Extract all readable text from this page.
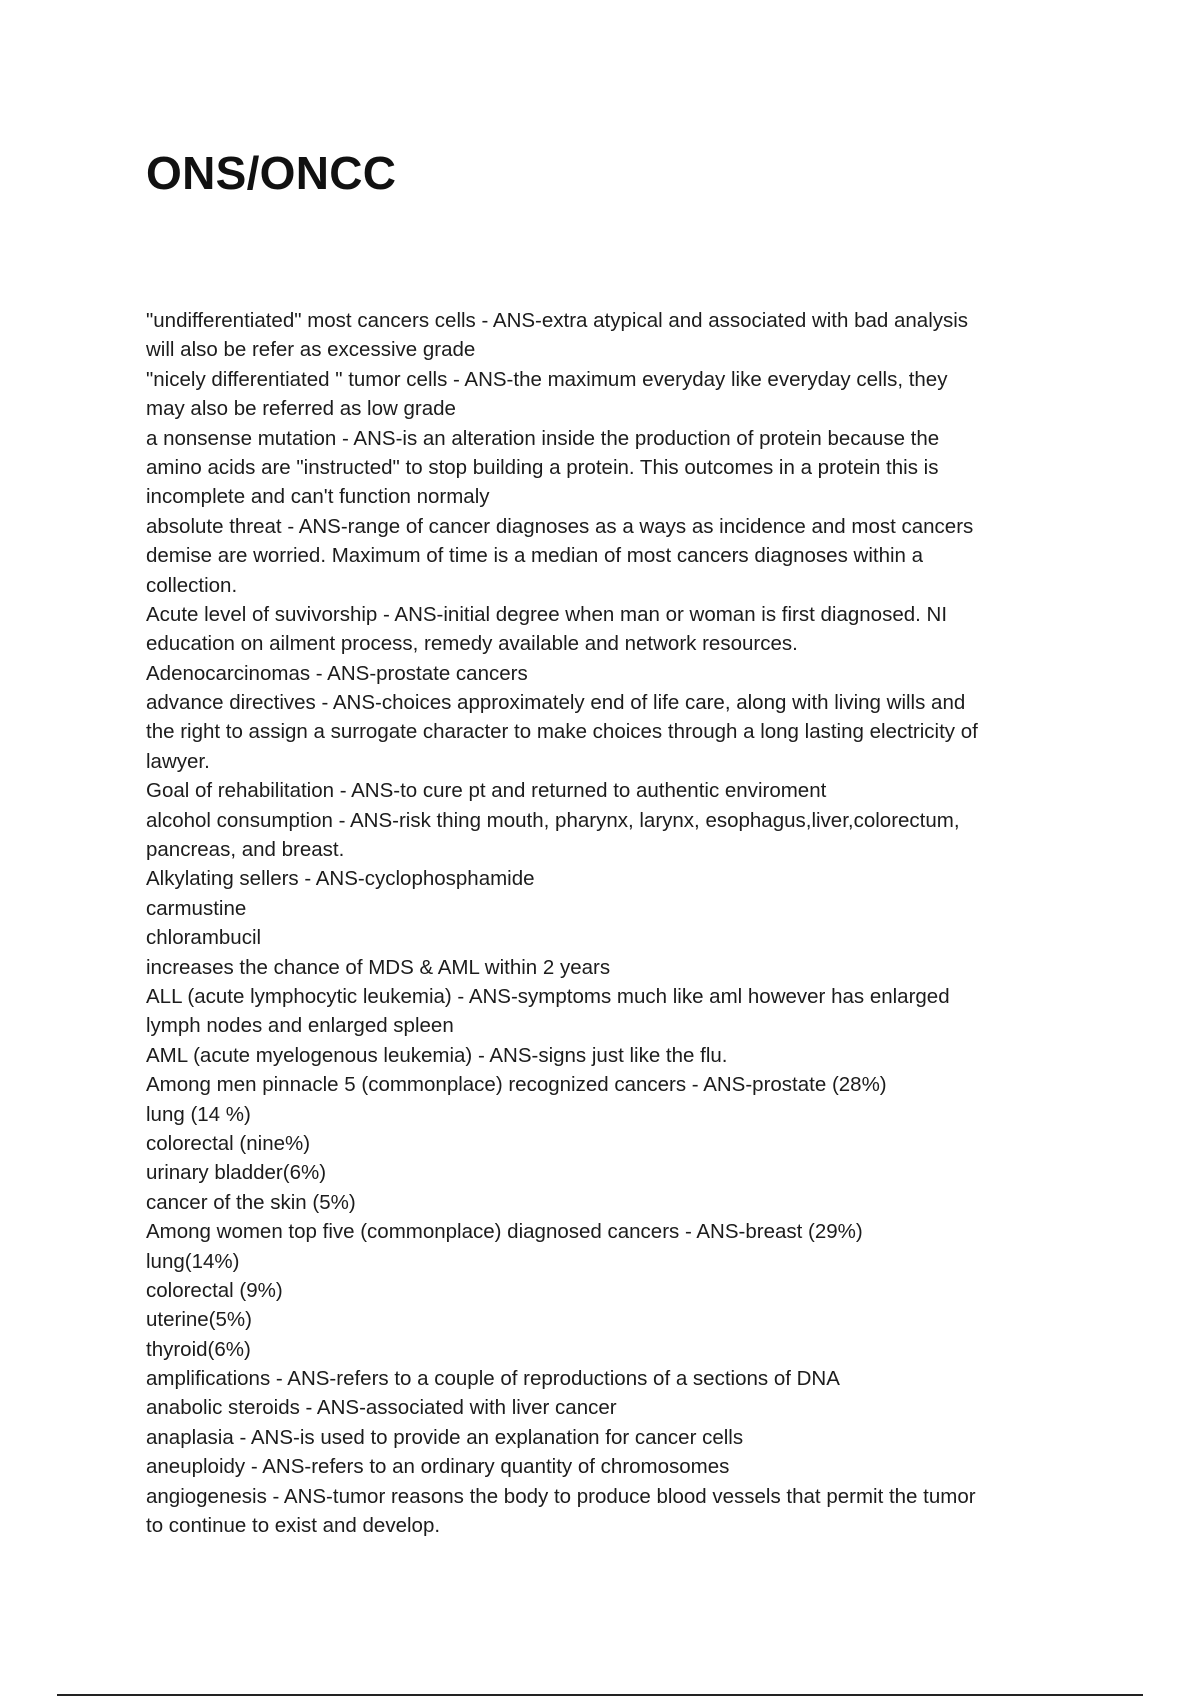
ONS/ONCC
"undifferentiated" most cancers cells - ANS-extra atypical and associated with bad analysis
will also be refer as excessive grade
"nicely differentiated " tumor cells - ANS-the maximum everyday like everyday cells, they
may also be referred as low grade
a nonsense mutation - ANS-is an alteration inside the production of protein because the
amino acids are "instructed" to stop building a protein. This outcomes in a protein this is
incomplete and can't function normaly
absolute threat - ANS-range of cancer diagnoses as a ways as incidence and most cancers
demise are worried. Maximum of time is a median of most cancers diagnoses within a
collection.
Acute level of suvivorship - ANS-initial degree when man or woman is first diagnosed. NI
education on ailment process, remedy available and network resources.
Adenocarcinomas - ANS-prostate cancers
advance directives - ANS-choices approximately end of life care, along with living wills and
the right to assign a surrogate character to make choices through a long lasting electricity of
lawyer.
Goal of rehabilitation - ANS-to cure pt and returned to authentic enviroment
alcohol consumption - ANS-risk thing mouth, pharynx, larynx, esophagus,liver,colorectum,
pancreas, and breast.
Alkylating sellers - ANS-cyclophosphamide
carmustine
chlorambucil
increases the chance of MDS & AML within 2 years
ALL (acute lymphocytic leukemia) - ANS-symptoms much like aml however has enlarged
lymph nodes and enlarged spleen
AML (acute myelogenous leukemia) - ANS-signs just like the flu.
Among men pinnacle 5 (commonplace) recognized cancers - ANS-prostate (28%)
lung (14 %)
colorectal (nine%)
urinary bladder(6%)
cancer of the skin (5%)
Among women top five (commonplace) diagnosed cancers - ANS-breast (29%)
lung(14%)
colorectal (9%)
uterine(5%)
thyroid(6%)
amplifications - ANS-refers to a couple of reproductions of a sections of DNA
anabolic steroids - ANS-associated with liver cancer
anaplasia - ANS-is used to provide an explanation for cancer cells
aneuploidy - ANS-refers to an ordinary quantity of chromosomes
angiogenesis - ANS-tumor reasons the body to produce blood vessels that permit the tumor
to continue to exist and develop.
